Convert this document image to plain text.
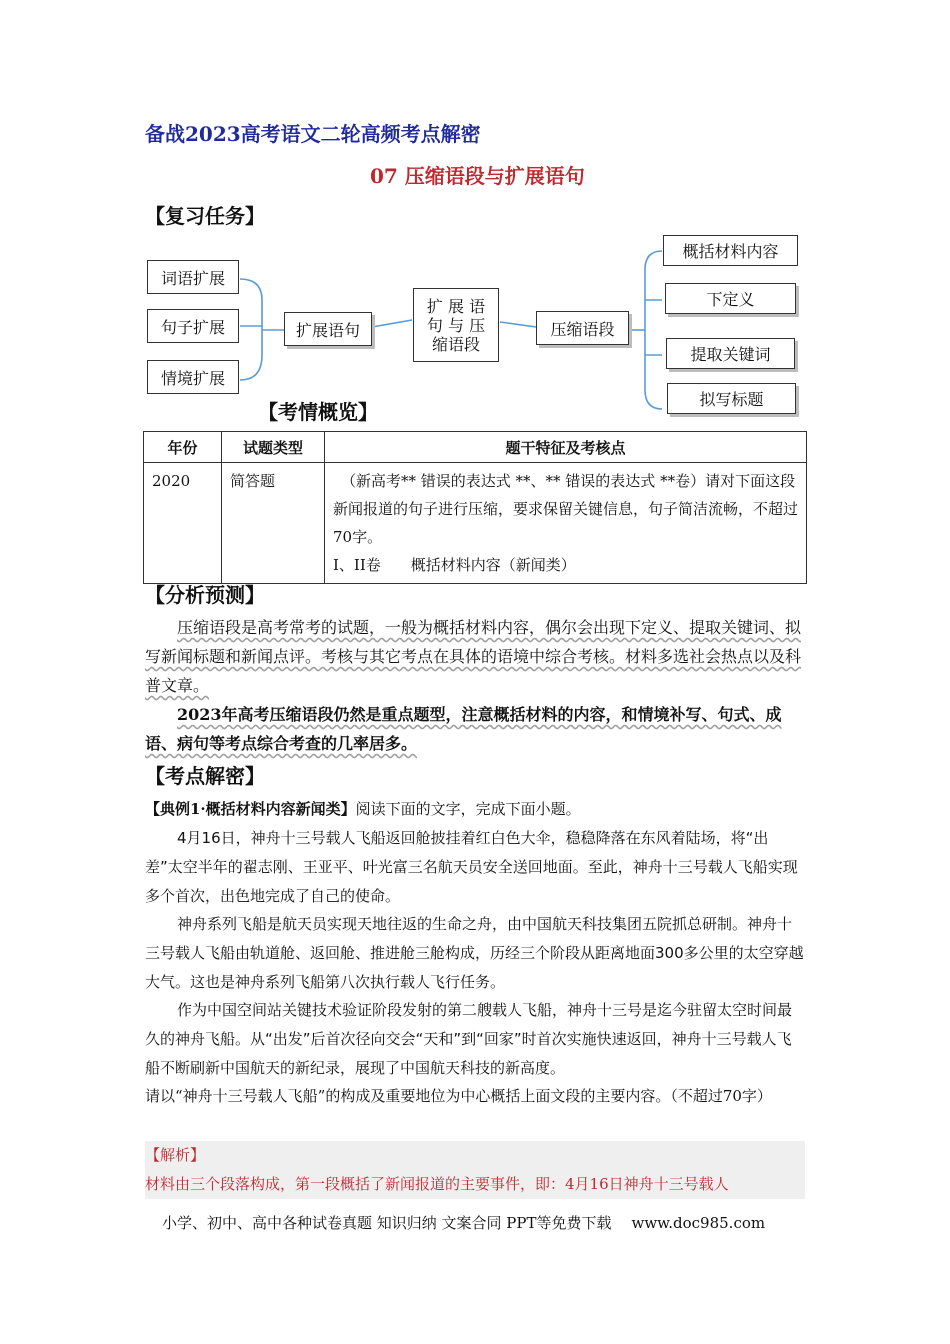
备战2023高考语文二轮高频考点解密
07 压缩语段与扩展语句
【复习任务】
词语扩展
句子扩展
情境扩展
扩展语句
扩 展 语 句 与 压 缩语段
压缩语段
概括材料内容
下定义
提取关键词
拟写标题
【考情概览】
年份	试题类型	题干特征及考核点
2020	简答题	（新高考** 错误的表达式 **、** 错误的表达式 **卷）请对下面这段新闻报道的句子进行压缩，要求保留关键信息，句子简洁流畅，不超过70字。
I、II卷　　概括材料内容（新闻类）
【分析预测】
压缩语段是高考常考的试题，一般为概括材料内容，偶尔会出现下定义、提取关键词、拟写新闻标题和新闻点评。考核与其它考点在具体的语境中综合考核。材料多选社会热点以及科普文章。
2023年高考压缩语段仍然是重点题型，注意概括材料的内容，和情境补写、句式、成语、病句等考点综合考查的几率居多。
【考点解密】
【典例1·概括材料内容新闻类】阅读下面的文字，完成下面小题。
4月16日，神舟十三号载人飞船返回舱披挂着红白色大伞，稳稳降落在东风着陆场，将“出差”太空半年的翟志刚、王亚平、叶光富三名航天员安全送回地面。至此，神舟十三号载人飞船实现多个首次，出色地完成了自己的使命。
神舟系列飞船是航天员实现天地往返的生命之舟，由中国航天科技集团五院抓总研制。神舟十三号载人飞船由轨道舱、返回舱、推进舱三舱构成，历经三个阶段从距离地面300多公里的太空穿越大气。这也是神舟系列飞船第八次执行载人飞行任务。
作为中国空间站关键技术验证阶段发射的第二艘载人飞船，神舟十三号是迄今驻留太空时间最久的神舟飞船。从“出发”后首次径向交会“天和”到“回家”时首次实施快速返回，神舟十三号载人飞船不断刷新中国航天的新纪录，展现了中国航天科技的新高度。
请以“神舟十三号载人飞船”的构成及重要地位为中心概括上面文段的主要内容。（不超过70字）
【解析】
材料由三个段落构成，第一段概括了新闻报道的主要事件，即：4月16日神舟十三号载人
小学、初中、高中各种试卷真题 知识归纳 文案合同 PPT等免费下载 www.doc985.com
